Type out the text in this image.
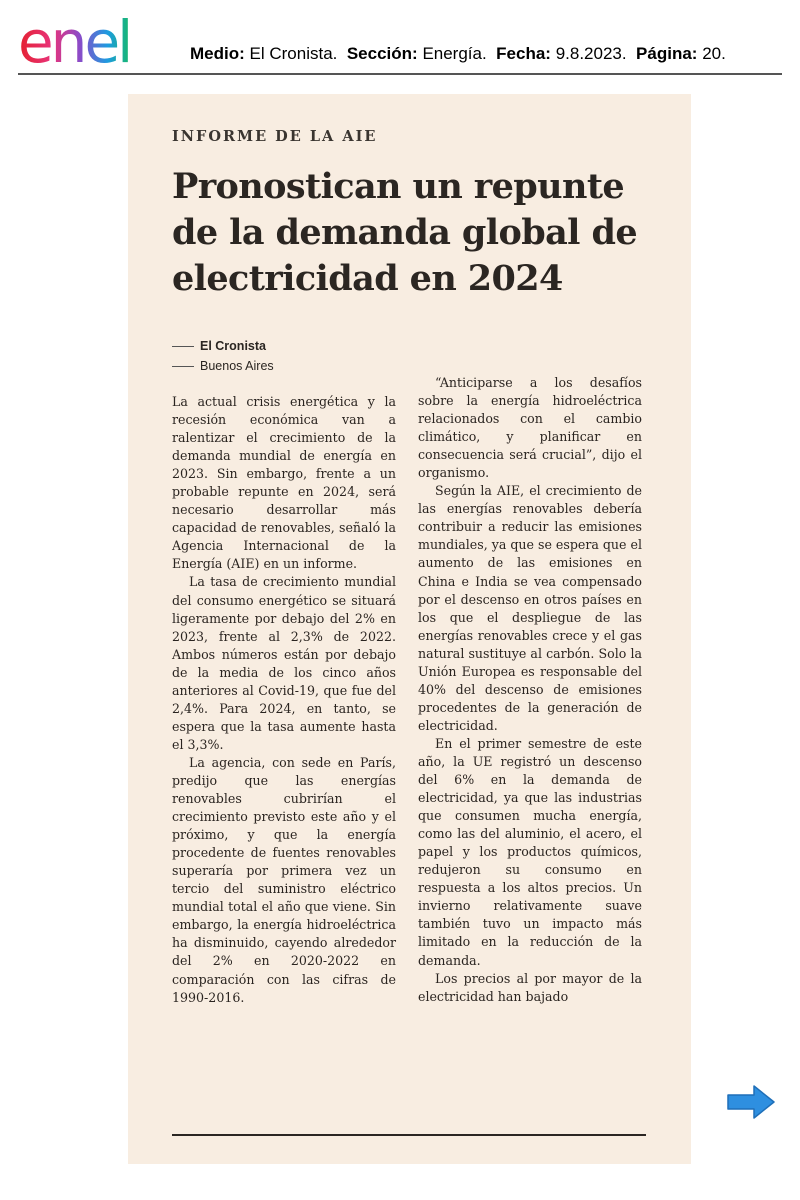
enel	Medio: El Cronista. Sección: Energía. Fecha: 9.8.2023. Página: 20.
INFORME DE LA AIE
Pronostican un repunte de la demanda global de electricidad en 2024
El Cronista
Buenos Aires

La actual crisis energética y la recesión económica van a ralentizar el crecimiento de la demanda mundial de energía en 2023. Sin embargo, frente a un probable repunte en 2024, será necesario desarrollar más capacidad de renovables, señaló la Agencia Internacional de la Energía (AIE) en un informe.

La tasa de crecimiento mundial del consumo energético se situará ligeramente por debajo del 2% en 2023, frente al 2,3% de 2022. Ambos números están por debajo de la media de los cinco años anteriores al Covid-19, que fue del 2,4%. Para 2024, en tanto, se espera que la tasa aumente hasta el 3,3%.

La agencia, con sede en París, predijo que las energías renovables cubrirían el crecimiento previsto este año y el próximo, y que la energía procedente de fuentes renovables superaría por primera vez un tercio del suministro eléctrico mundial total el año que viene. Sin embargo, la energía hidroeléctrica ha disminuido, cayendo alrededor del 2% en 2020-2022 en comparación con las cifras de 1990-2016.

“Anticiparse a los desafíos sobre la energía hidroeléctrica relacionados con el cambio climático, y planificar en consecuencia será crucial”, dijo el organismo.

Según la AIE, el crecimiento de las energías renovables debería contribuir a reducir las emisiones mundiales, ya que se espera que el aumento de las emisiones en China e India se vea compensado por el descenso en otros países en los que el despliegue de las energías renovables crece y el gas natural sustituye al carbón. Solo la Unión Europea es responsable del 40% del descenso de emisiones procedentes de la generación de electricidad.

En el primer semestre de este año, la UE registró un descenso del 6% en la demanda de electricidad, ya que las industrias que consumen mucha energía, como las del aluminio, el acero, el papel y los productos químicos, redujeron su consumo en respuesta a los altos precios. Un invierno relativamente suave también tuvo un impacto más limitado en la reducción de la demanda.

Los precios al por mayor de la electricidad han bajado
